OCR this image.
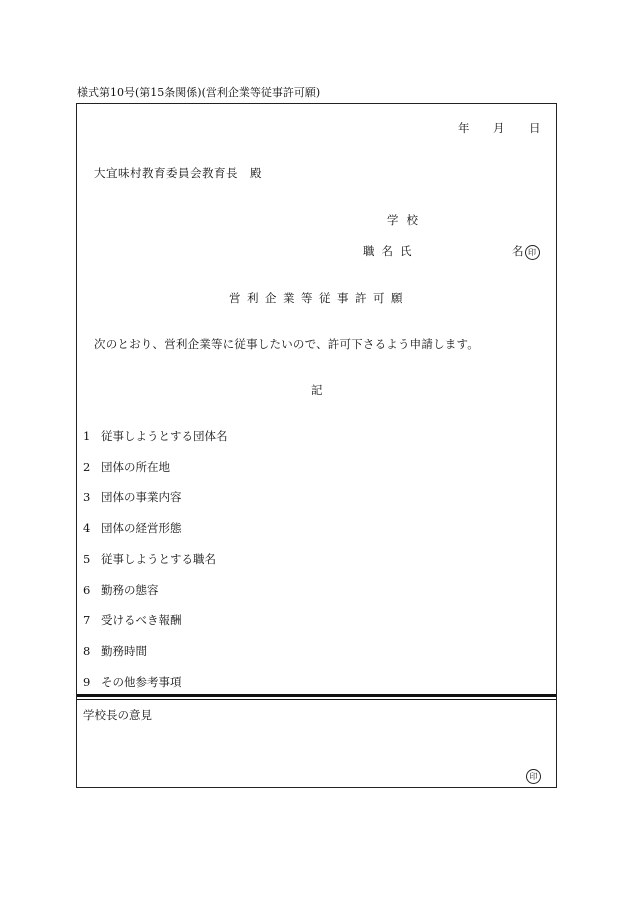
様式第10号(第15条関係)(営利企業等従事許可願)
年 月 日
大宜味村教育委員会教育長　殿
学校
職名氏	名 印
営利企業等従事許可願
次のとおり、営利企業等に従事したいので、許可下さるよう申請します。
記
1 従事しようとする団体名
2 団体の所在地
3 団体の事業内容
4 団体の経営形態
5 従事しようとする職名
6 勤務の態容
7 受けるべき報酬
8 勤務時間
9 その他参考事項
学校長の意見
印
